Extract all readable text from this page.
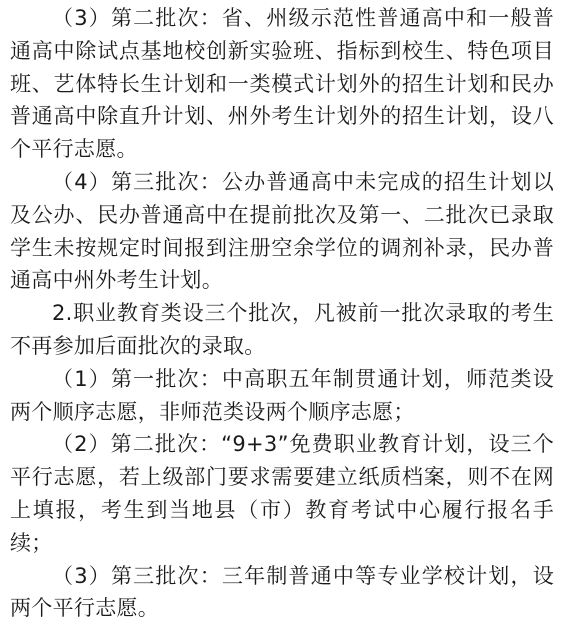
（3）第二批次：省、州级示范性普通高中和一般普通高中除试点基地校创新实验班、指标到校生、特色项目班、艺体特长生计划和一类模式计划外的招生计划和民办普通高中除直升计划、州外考生计划外的招生计划，设八个平行志愿。

（4）第三批次：公办普通高中未完成的招生计划以及公办、民办普通高中在提前批次及第一、二批次已录取学生未按规定时间报到注册空余学位的调剂补录，民办普通高中州外考生计划。

2.职业教育类设三个批次，凡被前一批次录取的考生不再参加后面批次的录取。

（1）第一批次：中高职五年制贯通计划，师范类设两个顺序志愿，非师范类设两个顺序志愿；

（2）第二批次：“9+3”免费职业教育计划，设三个平行志愿，若上级部门要求需要建立纸质档案，则不在网上填报，考生到当地县（市）教育考试中心履行报名手续；

（3）第三批次：三年制普通中等专业学校计划，设两个平行志愿。
